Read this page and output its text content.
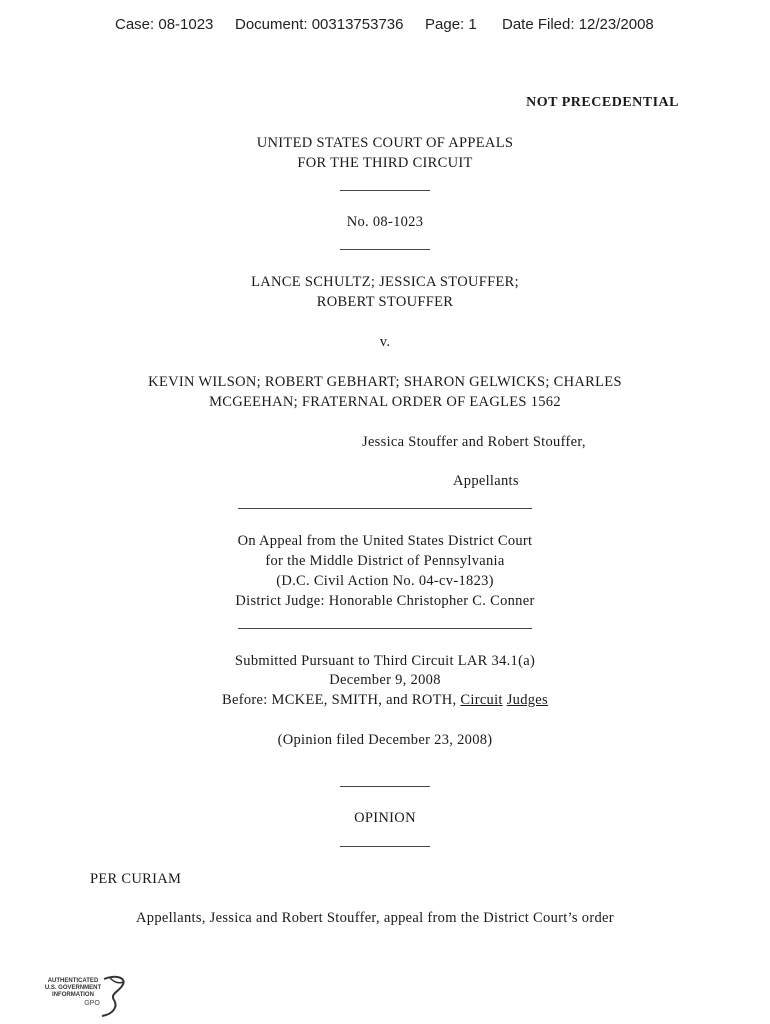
Case: 08-1023 Document: 00313753736 Page: 1 Date Filed: 12/23/2008
NOT PRECEDENTIAL
UNITED STATES COURT OF APPEALS
FOR THE THIRD CIRCUIT
No. 08-1023
LANCE SCHULTZ; JESSICA STOUFFER;
ROBERT STOUFFER
v.
KEVIN WILSON; ROBERT GEBHART; SHARON GELWICKS; CHARLES
MCGEEHAN; FRATERNAL ORDER OF EAGLES 1562
Jessica Stouffer and Robert Stouffer,
Appellants
On Appeal from the United States District Court
for the Middle District of Pennsylvania
(D.C. Civil Action No. 04-cv-1823)
District Judge: Honorable Christopher C. Conner
Submitted Pursuant to Third Circuit LAR 34.1(a)
December 9, 2008
Before: MCKEE, SMITH, and ROTH, Circuit Judges
(Opinion filed December 23, 2008)
OPINION
PER CURIAM
Appellants, Jessica and Robert Stouffer, appeal from the District Court’s order
AUTHENTICATED
U.S. GOVERNMENT
INFORMATION
GPO
